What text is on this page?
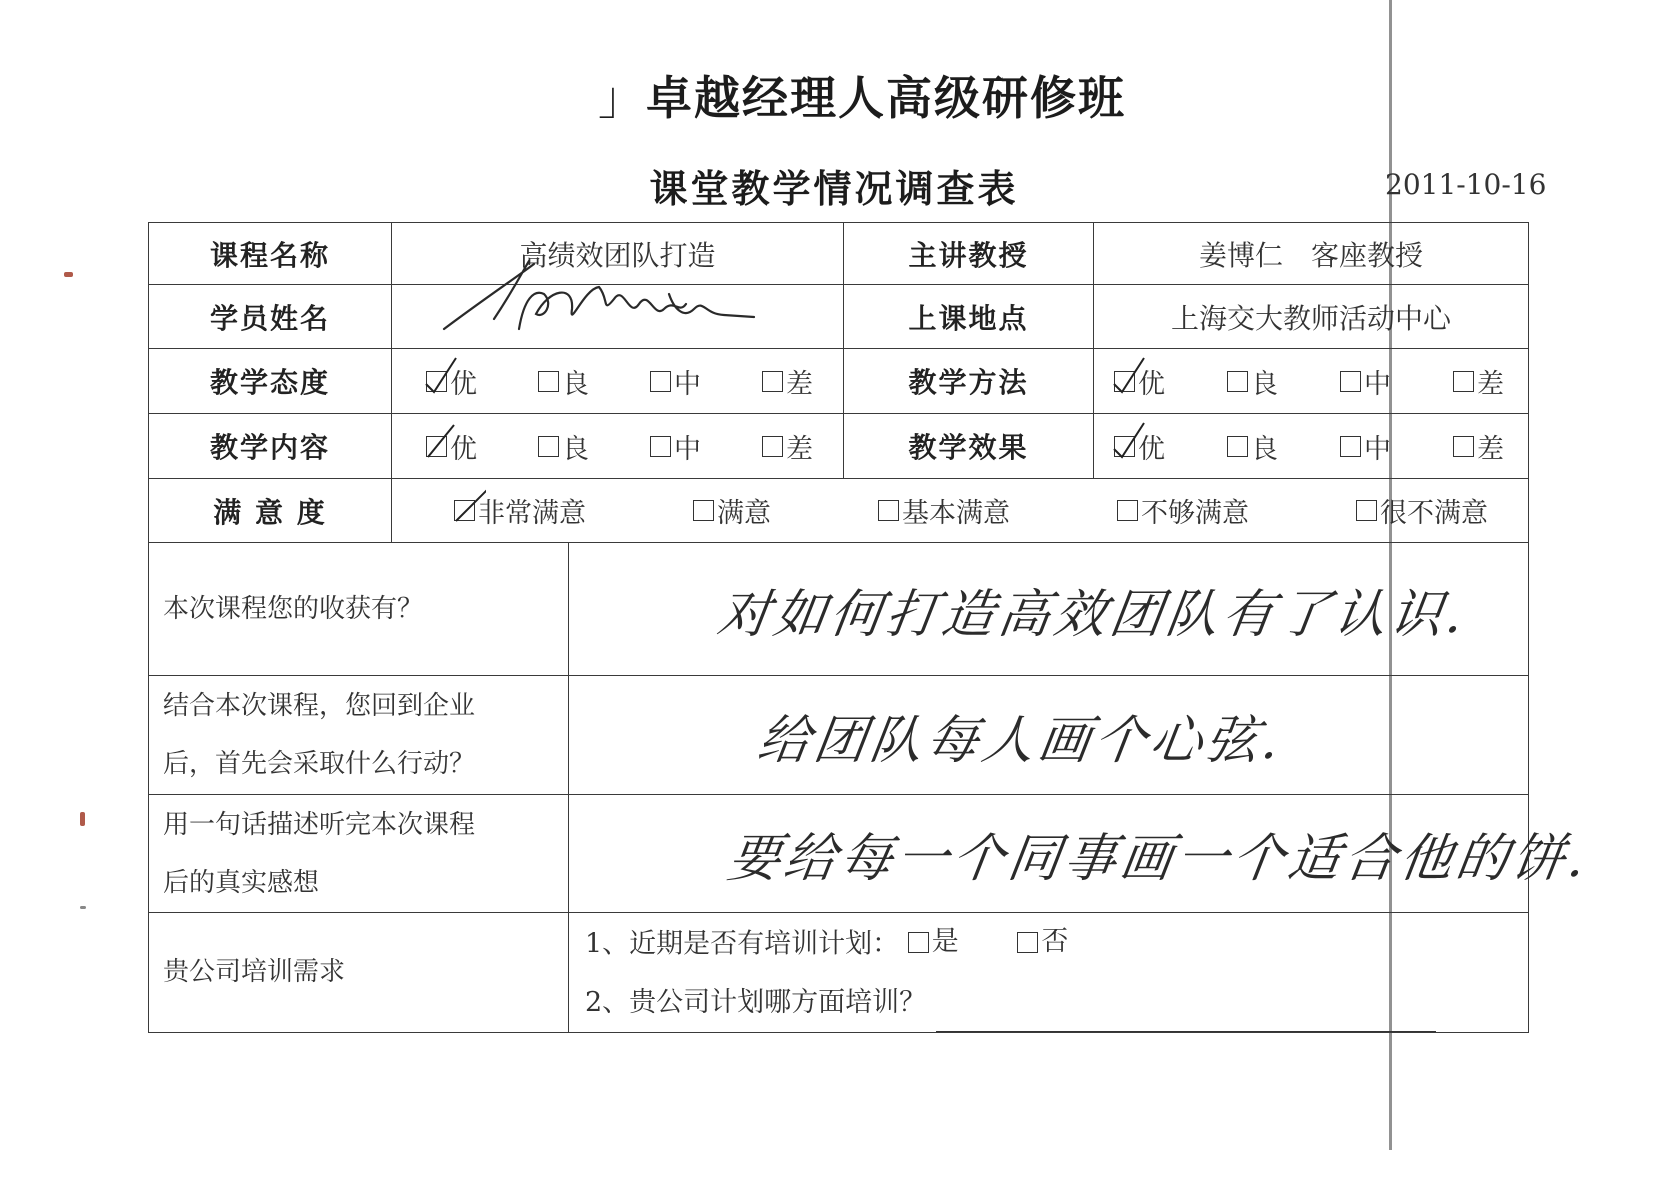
」卓越经理人高级研修班
课堂教学情况调查表	2011-10-16
课程名称	高绩效团队打造		主讲教授	姜博仁　客座教授
学员姓名			上课地点	上海交大教师活动中心
教学态度	优 良 中 差		教学方法	优 良 中 差

教学内容	优 良 中 差		教学效果	优 良 中 差

满 意 度	非常满意 满意 基本满意 不够满意 很不满意			

本次课程您的收获有？		对如何打造高效团队有了认识.		

结合本次课程，您回到企业
后，首先会采取什么行动？		给团队每人画个心弦.		

用一句话描述听完本次课程
后的真实感想		要给每一个同事画一个适合他的饼.		

贵公司培训需求		1、近期是否有培训计划： 是
否
2、贵公司计划哪方面培训？		
